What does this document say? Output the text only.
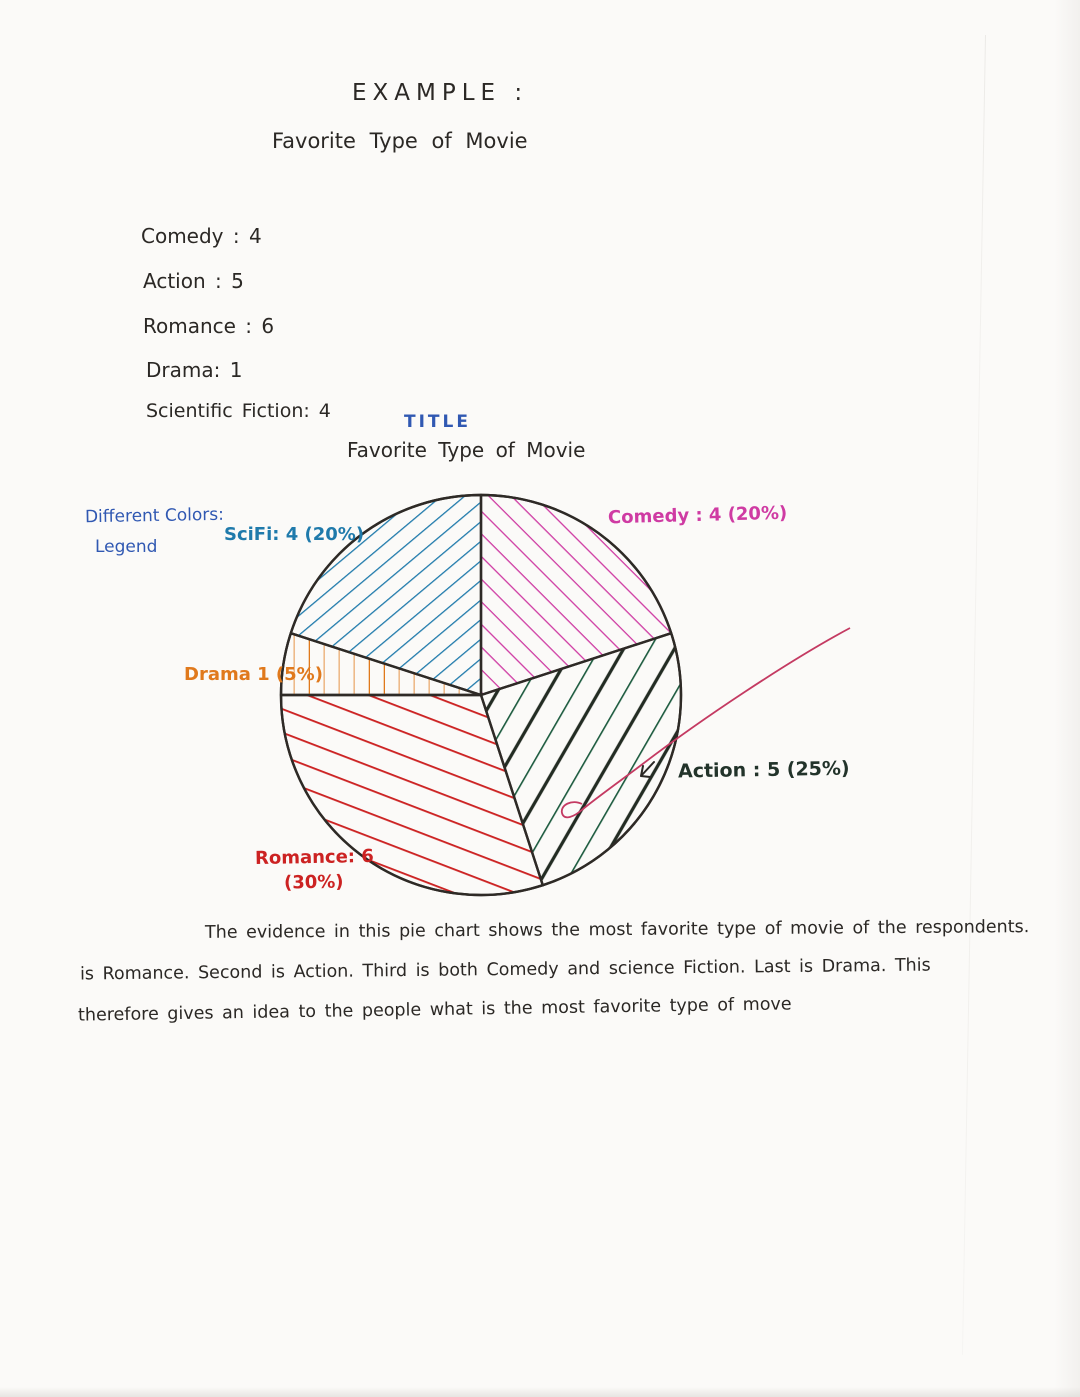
EXAMPLE :
Favorite Type of Movie
Comedy : 4
Action : 5
Romance : 6
Drama: 1
Scientific Fiction: 4	TITLE
Favorite Type of Movie
Different Colors:
Legend
SciFi: 4 (20%)
Comedy : 4 (20%)
Drama 1 (5%)
Action : 5 (25%)
Romance: 6
(30%)
The evidence in this pie chart shows the most favorite type of movie of the respondents.
is Romance. Second is Action. Third is both Comedy and science Fiction. Last is Drama. This
therefore gives an idea to the people what is the most favorite type of move
